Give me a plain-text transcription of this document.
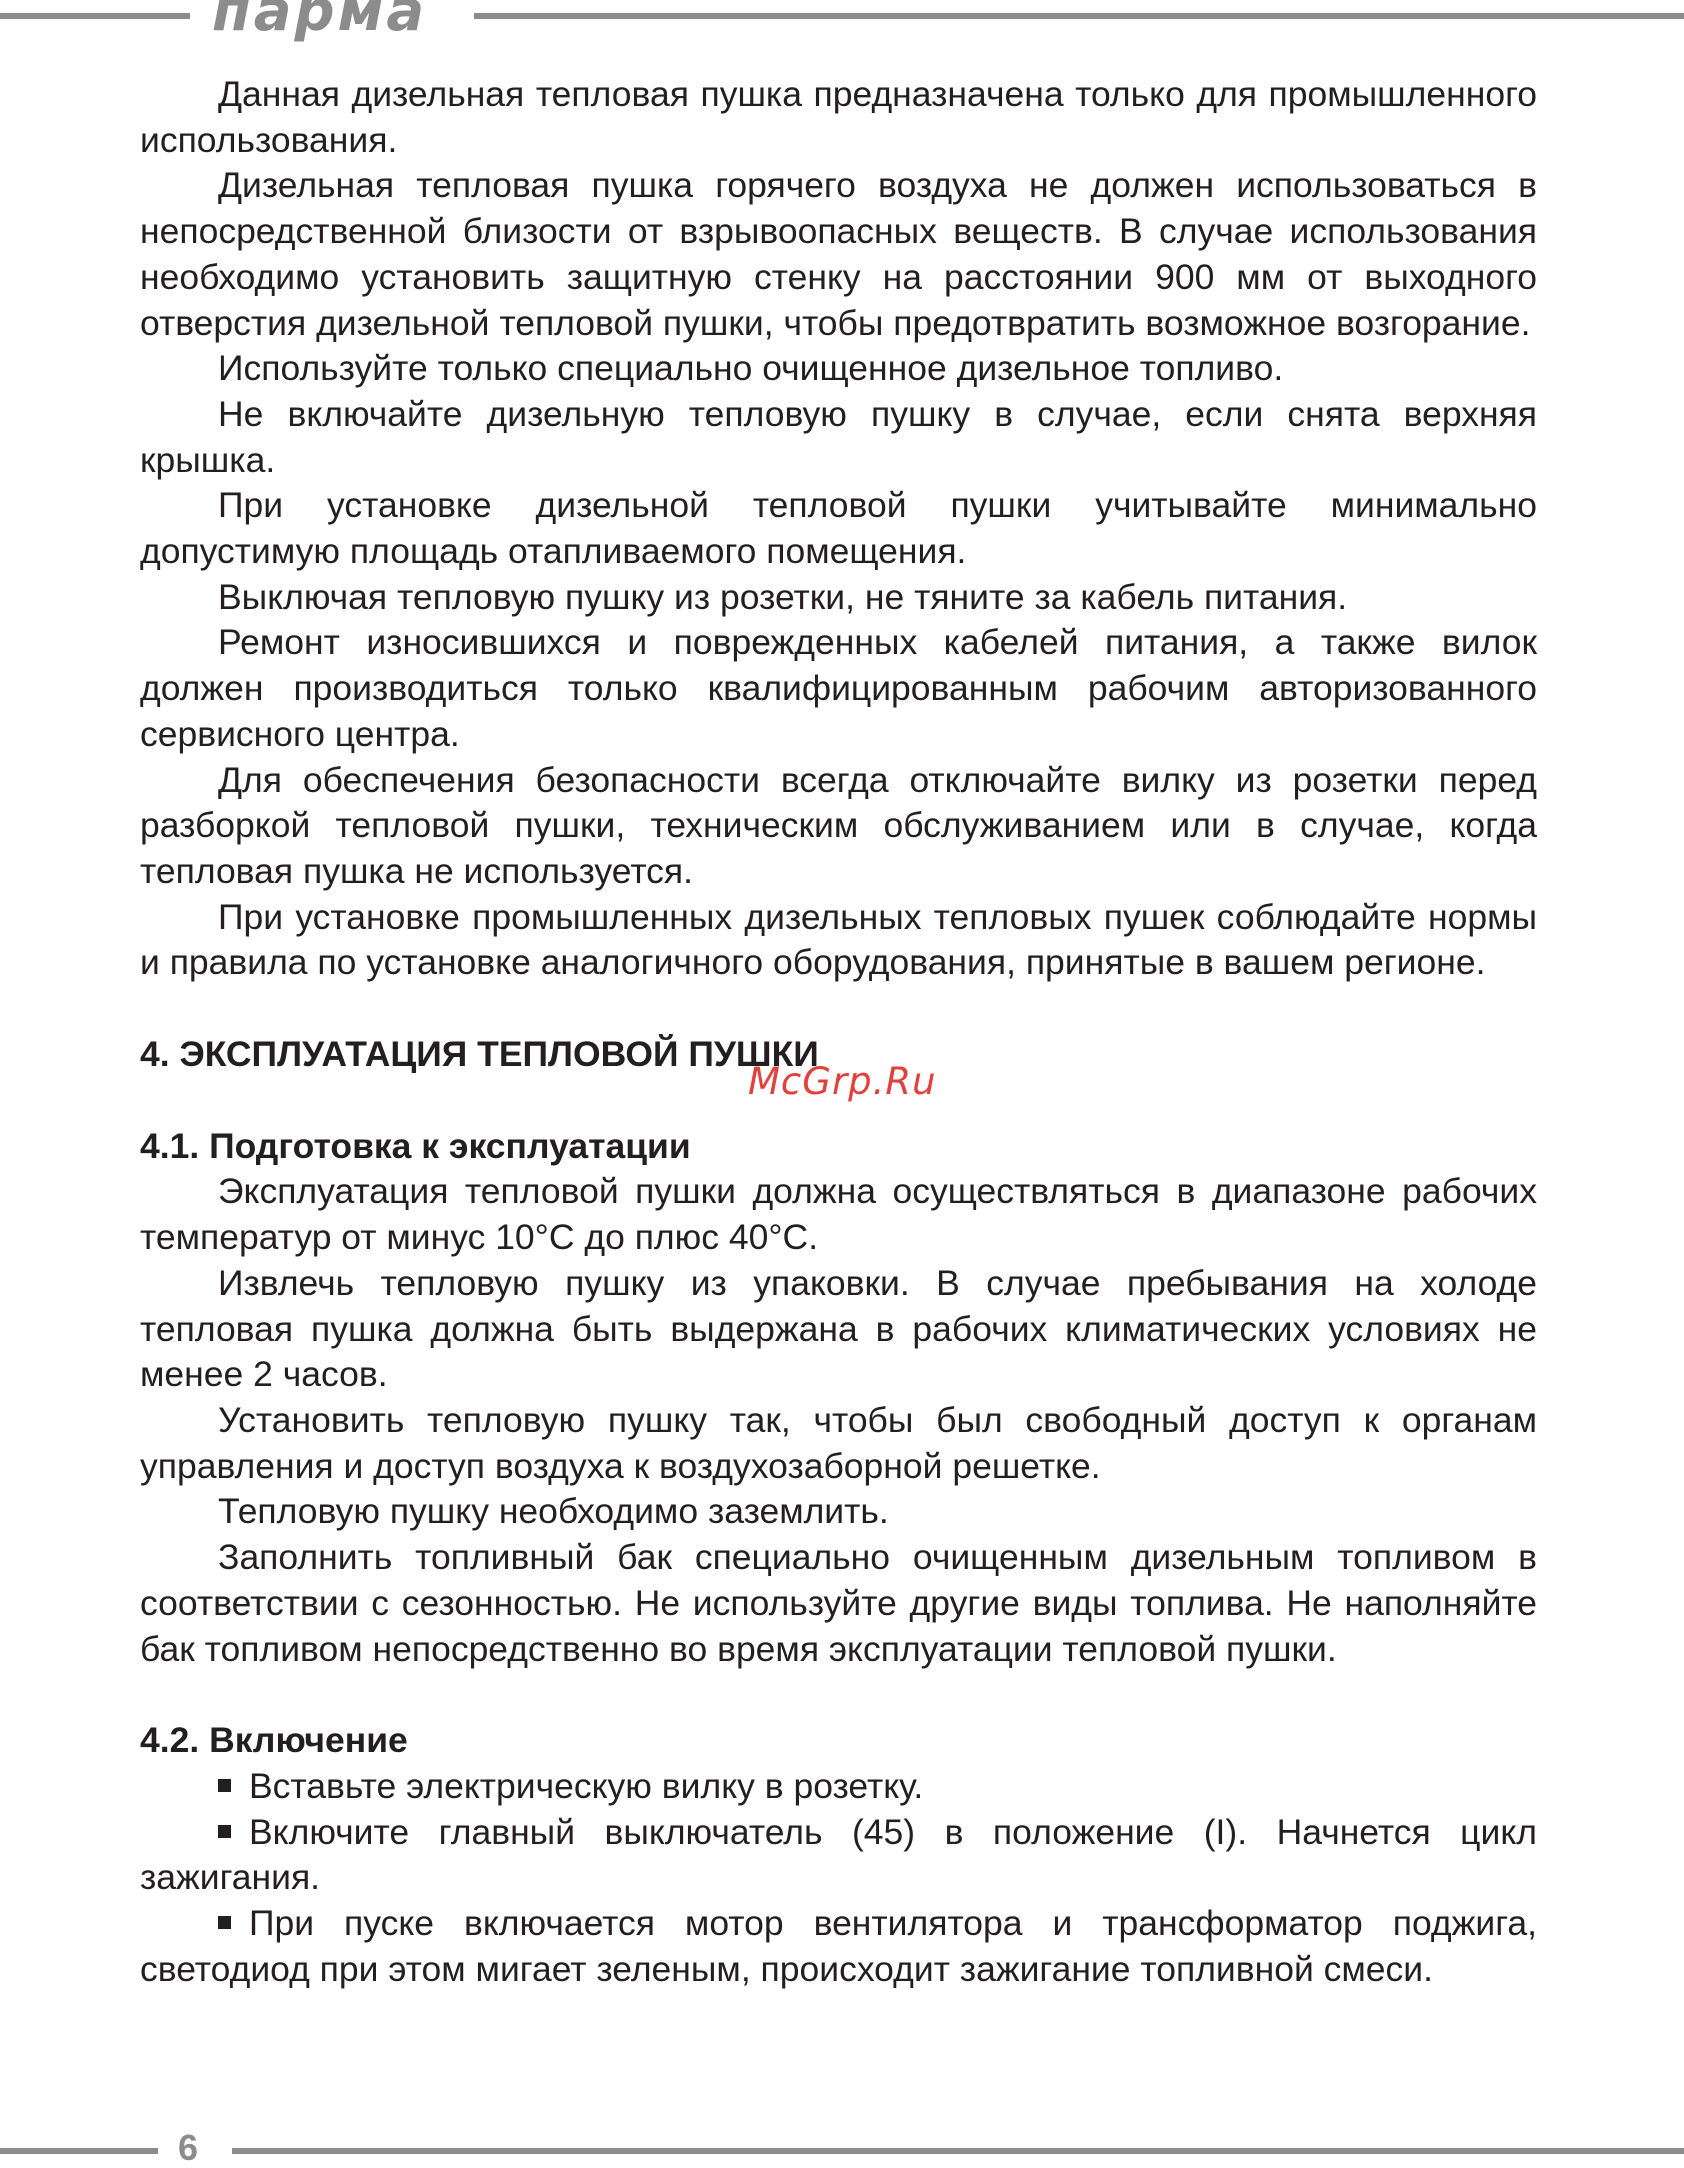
парма

Данная дизельная тепловая пушка предназначена только для промышленного использования.

Дизельная тепловая пушка горячего воздуха не должен использоваться в непосредственной близости от взрывоопасных веществ. В случае использования необходимо установить защитную стенку на расстоянии 900 мм от выходного отверстия дизельной тепловой пушки, чтобы предотвратить возможное возгорание.

Используйте только специально очищенное дизельное топливо.

Не включайте дизельную тепловую пушку в случае, если снята верхняя крышка.

При установке дизельной тепловой пушки учитывайте минимально допустимую площадь отапливаемого помещения.

Выключая тепловую пушку из розетки, не тяните за кабель питания.

Ремонт износившихся и поврежденных кабелей питания, а также вилок должен производиться только квалифицированным рабочим авторизованного сервисного центра.

Для обеспечения безопасности всегда отключайте вилку из розетки перед разборкой тепловой пушки, техническим обслуживанием или в случае, когда тепловая пушка не используется.

При установке промышленных дизельных тепловых пушек соблюдайте нормы и правила по установке аналогичного оборудования, принятые в вашем регионе.

4. ЭКСПЛУАТАЦИЯ ТЕПЛОВОЙ ПУШКИ
4.1. Подготовка к эксплуатации

Эксплуатация тепловой пушки должна осуществляться в диапазоне рабочих температур от минус 10°С до плюс 40°С.

Извлечь тепловую пушку из упаковки. В случае пребывания на холоде тепловая пушка должна быть выдержана в рабочих климатических условиях не менее 2 часов.

Установить тепловую пушку так, чтобы был свободный доступ к органам управления и доступ воздуха к воздухозаборной решетке.

Тепловую пушку необходимо заземлить.

Заполнить топливный бак специально очищенным дизельным топливом в соответствии с сезонностью. Не используйте другие виды топлива. Не наполняйте бак топливом непосредственно во время эксплуатации тепловой пушки.

4.2. Включение

Вставьте электрическую вилку в розетку.

Включите главный выключатель (45) в положение (I). Начнется цикл зажигания.

При пуске включается мотор вентилятора и трансформатор поджига, светодиод при этом мигает зеленым, происходит зажигание топливной смеси.

McGrp.Ru
6
